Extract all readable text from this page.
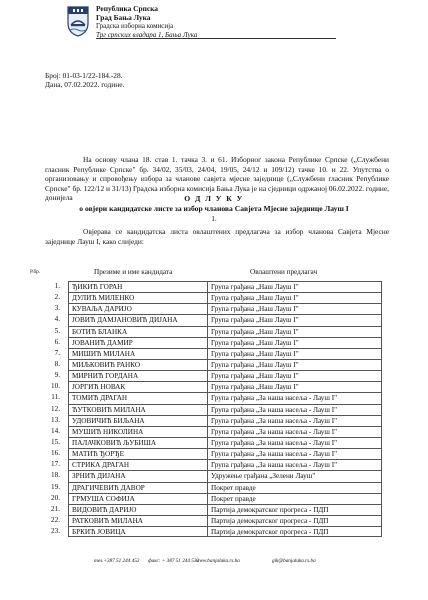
Република Српска
Град Бања Лука
Градска изборна комисија
Трг српских владара 1, Бања Лука
Број: 01-03-1/22-184.-28.
Дана, 07.02.2022. године.
На основу члана 18. став 1. тачка 3. и 61. Изборног закона Републике Српске („Службени гласник Републике Српске" бр. 34/02, 35/03, 24/04, 19/05, 24/12 и 109/12) тачке 10. и 22. Упутства о организовању и спровођењу избора за чланове савјета мјесне заједнице („Службени гласник Републике Српске" бр. 122/12 и 31/13) Градска изборна комисија Бања Лука је на сједници одржаној 06.02.2022. године, донијела	О Д Л У К У
о овјери кандидатске листе за избор чланова Савјета Мјесне заједнице Лауш I
1.
Овјерава се кандидатска листа овлаштених предлагача за избор чланова Савјета Мјесне заједнице Лауш I, како слиједи:
Р.бр.	Презиме и име кандидата	Овлаштени предлагач
1.	ЂИКИЋ ГОРАН	Група грађана „Наш Лауш I"
2.	ДУЛИЋ МИЛЕНКО	Група грађана „Наш Лауш I"
3.	КУВАЉА ДАРИЈО	Група грађана „Наш Лауш I"
4.	ЈОВИЋ ДАМЈАНОВИЋ ДИЈАНА	Група грађана „Наш Лауш I"
5.	БОТИЋ БЛАНКА	Група грађана „Наш Лауш I"
6.	ЈОВАНИЋ ДАМИР	Група грађана „Наш Лауш I"
7.	МИШИЋ МИЛАНА	Група грађана „Наш Лауш I"
8.	МИЉКОВИЋ РАНКО	Група грађана „Наш Лауш I"
9.	МИРНИЋ ГОРДАНА	Група грађана „Наш Лауш I"
10.	ЈОРГИЋ НОВАК	Група грађана „Наш Лауш I"
11.	ТОМИЋ ДРАГАН	Група грађана „За наша насеља - Лауш I"
12.	ЋУТКОВИЋ МИЛАНА	Група грађана „За наша насеља - Лауш I"
13.	УДОВИЧИЋ БИЉАНА	Група грађана „За наша насеља - Лауш I"
14.	МУШИЋ НИКОЛИНА	Група грађана „За наша насеља - Лауш I"
15.	ПАЛАЧКОВИЋ ЉУБИША	Група грађана „За наша насеља - Лауш I"
16.	МАТИЋ ЂОРЂЕ	Група грађана „За наша насеља - Лауш I"
17.	СТРИКА ДРАГАН	Група грађана „За наша насеља - Лауш I"
18.	ЗРНИЋ ДИЈАНА	Удружење грађана „Зелени Лауш"
19.	ДРАГИЧЕВИЋ ДАВОР	Покрет правде
20.	ГРМУША СОФИЈА	Покрет правде
21.	ВИДОВИЋ ДАРИЈО	Партија демократског прогреса - ПДП
22.	РАТКОВИЋ МИЛАНА	Партија демократског прогреса - ПДП
23.	БРКИЋ ЈОВИЦА	Партија демократског прогреса - ПДП
тел.+387 51 244 452 факс: + 387 51 244 532
www.banjaluka.rs.ba	gik@banjaluka.rs.ba
